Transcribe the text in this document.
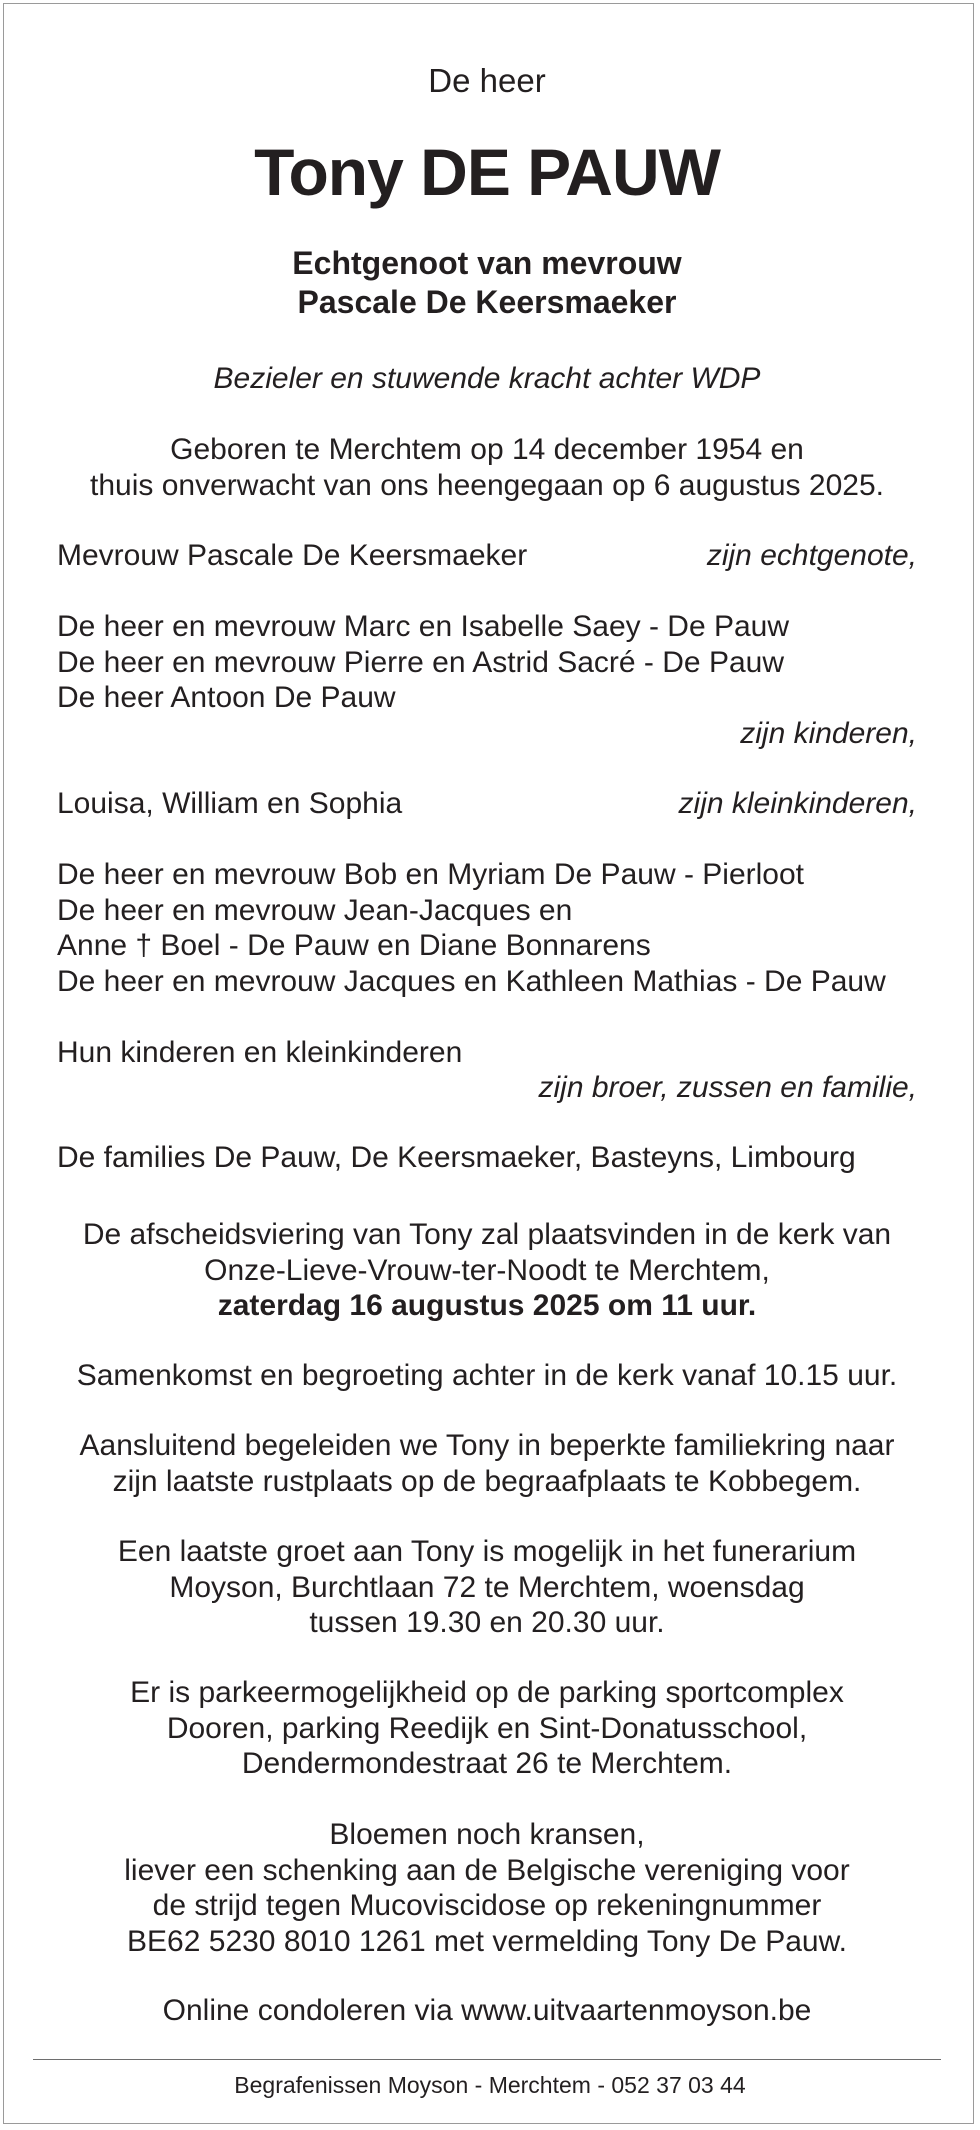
De heer
Tony DE PAUW
Echtgenoot van mevrouw
Pascale De Keersmaeker
Bezieler en stuwende kracht achter WDP
Geboren te Merchtem op 14 december 1954 en
thuis onverwacht van ons heengegaan op 6 augustus 2025.
Mevrouw Pascale De Keersmaeker	zijn echtgenote,
De heer en mevrouw Marc en Isabelle Saey - De Pauw
De heer en mevrouw Pierre en Astrid Sacré - De Pauw
De heer Antoon De Pauw
zijn kinderen,
Louisa, William en Sophia	zijn kleinkinderen,
De heer en mevrouw Bob en Myriam De Pauw - Pierloot
De heer en mevrouw Jean-Jacques en
Anne † Boel - De Pauw en Diane Bonnarens
De heer en mevrouw Jacques en Kathleen Mathias - De Pauw
Hun kinderen en kleinkinderen
zijn broer, zussen en familie,
De families De Pauw, De Keersmaeker, Basteyns, Limbourg
De afscheidsviering van Tony zal plaatsvinden in de kerk van
Onze-Lieve-Vrouw-ter-Noodt te Merchtem,
zaterdag 16 augustus 2025 om 11 uur.
Samenkomst en begroeting achter in de kerk vanaf 10.15 uur.
Aansluitend begeleiden we Tony in beperkte familiekring naar
zijn laatste rustplaats op de begraafplaats te Kobbegem.
Een laatste groet aan Tony is mogelijk in het funerarium
Moyson, Burchtlaan 72 te Merchtem, woensdag
tussen 19.30 en 20.30 uur.
Er is parkeermogelijkheid op de parking sportcomplex
Dooren, parking Reedijk en Sint-Donatusschool,
Dendermondestraat 26 te Merchtem.
Bloemen noch kransen,
liever een schenking aan de Belgische vereniging voor
de strijd tegen Mucoviscidose op rekeningnummer
BE62 5230 8010 1261 met vermelding Tony De Pauw.
Online condoleren via www.uitvaartenmoyson.be
Begrafenissen Moyson - Merchtem - 052 37 03 44
